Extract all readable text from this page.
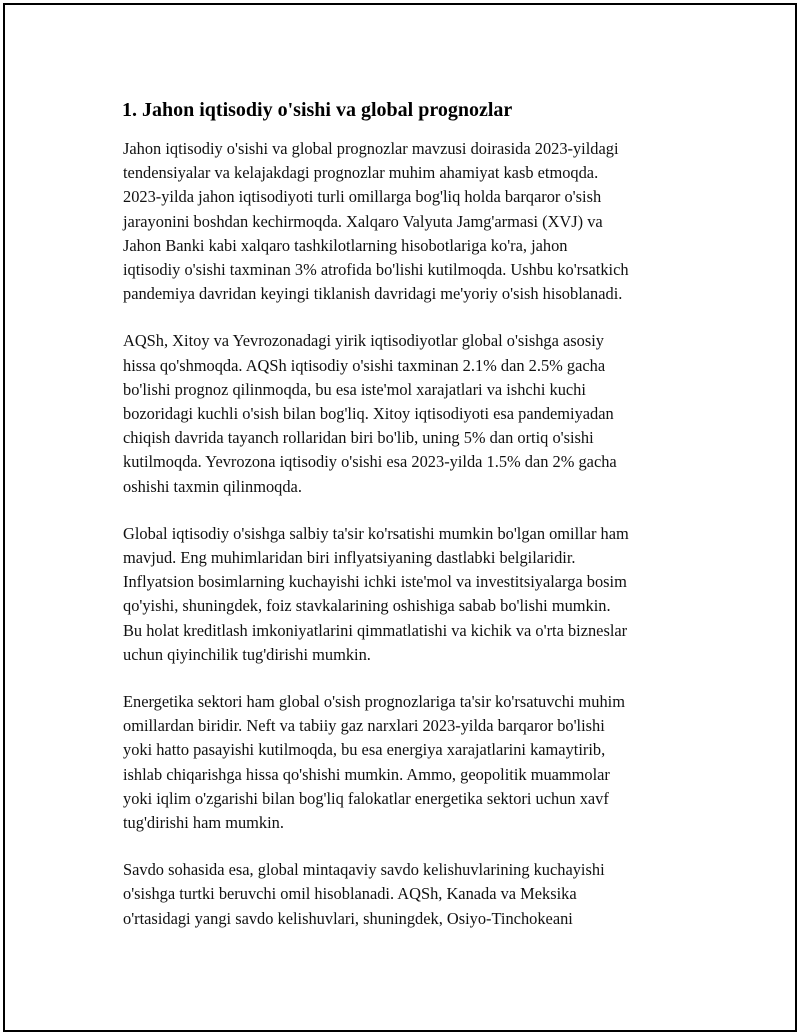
1. Jahon iqtisodiy o'sishi va global prognozlar
Jahon iqtisodiy o'sishi va global prognozlar mavzusi doirasida 2023-yildagi
tendensiyalar va kelajakdagi prognozlar muhim ahamiyat kasb etmoqda.
2023-yilda jahon iqtisodiyoti turli omillarga bog'liq holda barqaror o'sish
jarayonini boshdan kechirmoqda. Xalqaro Valyuta Jamg'armasi (XVJ) va
Jahon Banki kabi xalqaro tashkilotlarning hisobotlariga ko'ra, jahon
iqtisodiy o'sishi taxminan 3% atrofida bo'lishi kutilmoqda. Ushbu ko'rsatkich
pandemiya davridan keyingi tiklanish davridagi me'yoriy o'sish hisoblanadi.
AQSh, Xitoy va Yevrozonadagi yirik iqtisodiyotlar global o'sishga asosiy
hissa qo'shmoqda. AQSh iqtisodiy o'sishi taxminan 2.1% dan 2.5% gacha
bo'lishi prognoz qilinmoqda, bu esa iste'mol xarajatlari va ishchi kuchi
bozoridagi kuchli o'sish bilan bog'liq. Xitoy iqtisodiyoti esa pandemiyadan
chiqish davrida tayanch rollaridan biri bo'lib, uning 5% dan ortiq o'sishi
kutilmoqda. Yevrozona iqtisodiy o'sishi esa 2023-yilda 1.5% dan 2% gacha
oshishi taxmin qilinmoqda.
Global iqtisodiy o'sishga salbiy ta'sir ko'rsatishi mumkin bo'lgan omillar ham
mavjud. Eng muhimlaridan biri inflyatsiyaning dastlabki belgilaridir.
Inflyatsion bosimlarning kuchayishi ichki iste'mol va investitsiyalarga bosim
qo'yishi, shuningdek, foiz stavkalarining oshishiga sabab bo'lishi mumkin.
Bu holat kreditlash imkoniyatlarini qimmatlatishi va kichik va o'rta bizneslar
uchun qiyinchilik tug'dirishi mumkin.
Energetika sektori ham global o'sish prognozlariga ta'sir ko'rsatuvchi muhim
omillardan biridir. Neft va tabiiy gaz narxlari 2023-yilda barqaror bo'lishi
yoki hatto pasayishi kutilmoqda, bu esa energiya xarajatlarini kamaytirib,
ishlab chiqarishga hissa qo'shishi mumkin. Ammo, geopolitik muammolar
yoki iqlim o'zgarishi bilan bog'liq falokatlar energetika sektori uchun xavf
tug'dirishi ham mumkin.
Savdo sohasida esa, global mintaqaviy savdo kelishuvlarining kuchayishi
o'sishga turtki beruvchi omil hisoblanadi. AQSh, Kanada va Meksika
o'rtasidagi yangi savdo kelishuvlari, shuningdek, Osiyo-Tinchokeani
